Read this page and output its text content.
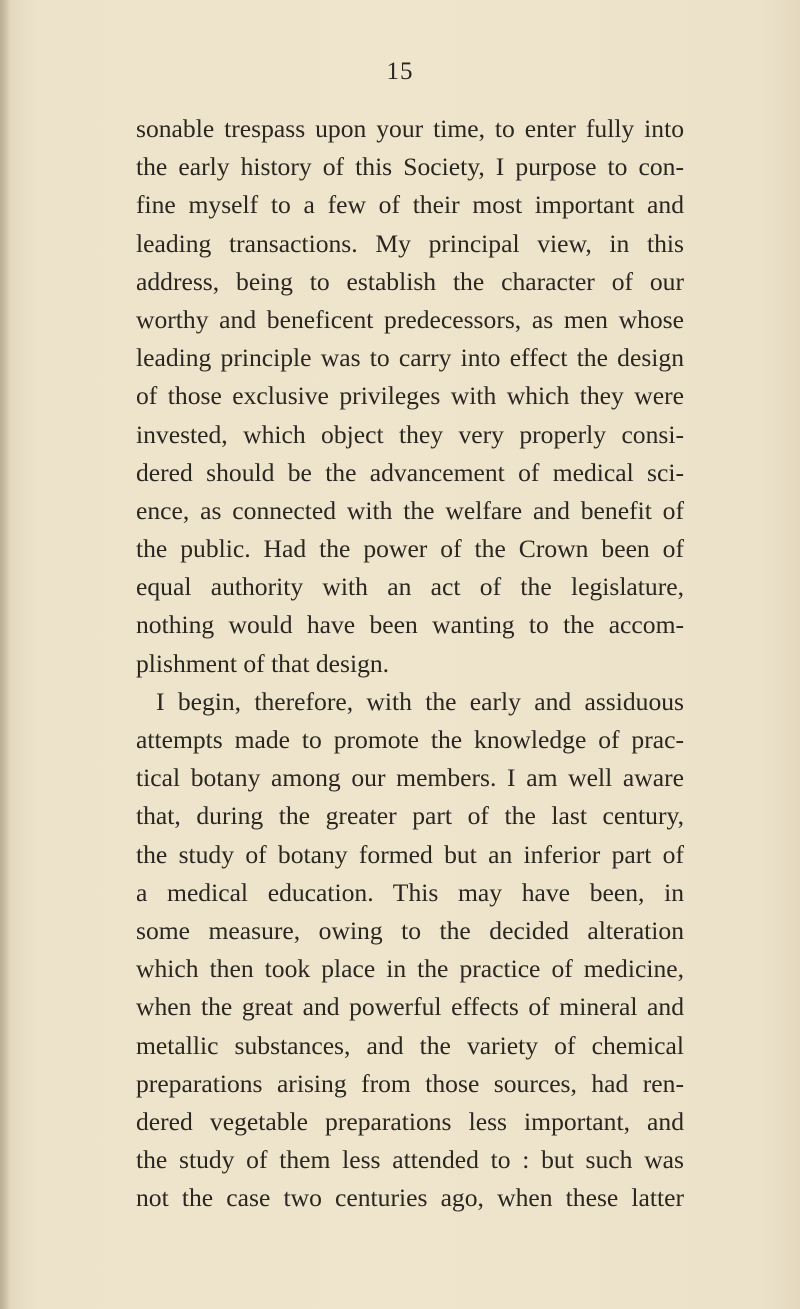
15
sonable trespass upon your time, to enter fully into
the early history of this Society, I purpose to con-
fine myself to a few of their most important and
leading transactions. My principal view, in this
address, being to establish the character of our
worthy and beneficent predecessors, as men whose
leading principle was to carry into effect the design
of those exclusive privileges with which they were
invested, which object they very properly consi-
dered should be the advancement of medical sci-
ence, as connected with the welfare and benefit of
the public. Had the power of the Crown been of
equal authority with an act of the legislature,
nothing would have been wanting to the accom-
plishment of that design.
I begin, therefore, with the early and assiduous
attempts made to promote the knowledge of prac-
tical botany among our members. I am well aware
that, during the greater part of the last century,
the study of botany formed but an inferior part of
a medical education. This may have been, in
some measure, owing to the decided alteration
which then took place in the practice of medicine,
when the great and powerful effects of mineral and
metallic substances, and the variety of chemical
preparations arising from those sources, had ren-
dered vegetable preparations less important, and
the study of them less attended to : but such was
not the case two centuries ago, when these latter
